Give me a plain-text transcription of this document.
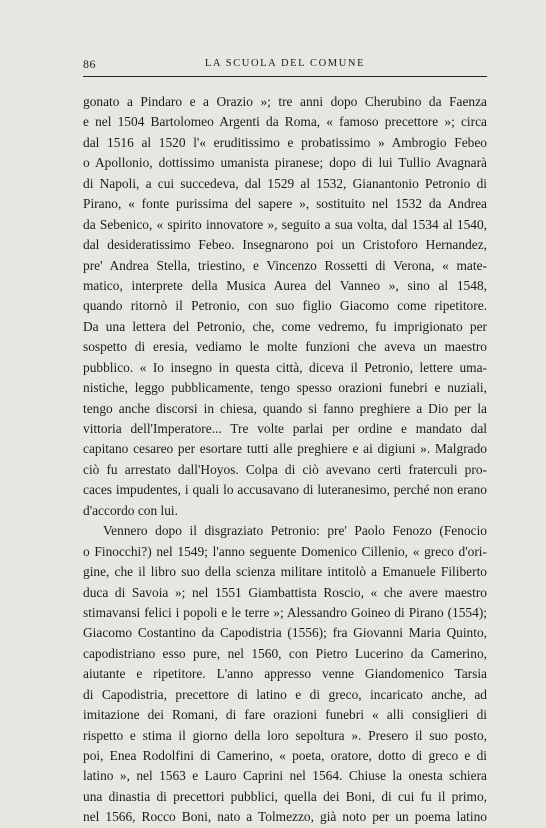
86	LA SCUOLA DEL COMUNE
gonato a Pindaro e a Orazio »; tre anni dopo Cherubino da Faenza
e nel 1504 Bartolomeo Argenti da Roma, « famoso precettore »; circa
dal 1516 al 1520 l'« eruditissimo e probatissimo » Ambrogio Febeo
o Apollonio, dottissimo umanista piranese; dopo di lui Tullio Avagnarà
di Napoli, a cui succedeva, dal 1529 al 1532, Gianantonio Petronio di
Pirano, « fonte purissima del sapere », sostituito nel 1532 da Andrea
da Sebenico, « spirito innovatore », seguito a sua volta, dal 1534 al 1540,
dal desideratissimo Febeo. Insegnarono poi un Cristoforo Hernandez,
pre' Andrea Stella, triestino, e Vincenzo Rossetti di Verona, « mate-
matico, interprete della Musica Aurea del Vanneo », sino al 1548,
quando ritornò il Petronio, con suo figlio Giacomo come ripetitore.
Da una lettera del Petronio, che, come vedremo, fu imprigionato per
sospetto di eresia, vediamo le molte funzioni che aveva un maestro
pubblico. « Io insegno in questa città, diceva il Petronio, lettere uma-
nistiche, leggo pubblicamente, tengo spesso orazioni funebri e nuziali,
tengo anche discorsi in chiesa, quando si fanno preghiere a Dio per la
vittoria dell'Imperatore... Tre volte parlai per ordine e mandato dal
capitano cesareo per esortare tutti alle preghiere e ai digiuni ». Malgrado
ciò fu arrestato dall'Hoyos. Colpa di ciò avevano certi fraterculi pro-
caces impudentes, i quali lo accusavano di luteranesimo, perché non erano
d'accordo con lui.
Vennero dopo il disgraziato Petronio: pre' Paolo Fenozo (Fenocio
o Finocchi?) nel 1549; l'anno seguente Domenico Cillenio, « greco d'ori-
gine, che il libro suo della scienza militare intitolò a Emanuele Filiberto
duca di Savoia »; nel 1551 Giambattista Roscio, « che avere maestro
stimavansi felici i popoli e le terre »; Alessandro Goineo di Pirano (1554);
Giacomo Costantino da Capodistria (1556); fra Giovanni Maria Quinto,
capodistriano esso pure, nel 1560, con Pietro Lucerino da Camerino,
aiutante e ripetitore. L'anno appresso venne Giandomenico Tarsia
di Capodistria, precettore di latino e di greco, incaricato anche, ad
imitazione dei Romani, di fare orazioni funebri « alli consiglieri di
rispetto e stima il giorno della loro sepoltura ». Presero il suo posto,
poi, Enea Rodolfini di Camerino, « poeta, oratore, dotto di greco e di
latino », nel 1563 e Lauro Caprini nel 1564. Chiuse la onesta schiera
una dinastia di precettori pubblici, quella dei Boni, di cui fu il primo,
nel 1566, Rocco Boni, nato a Tolmezzo, già noto per un poema latino
